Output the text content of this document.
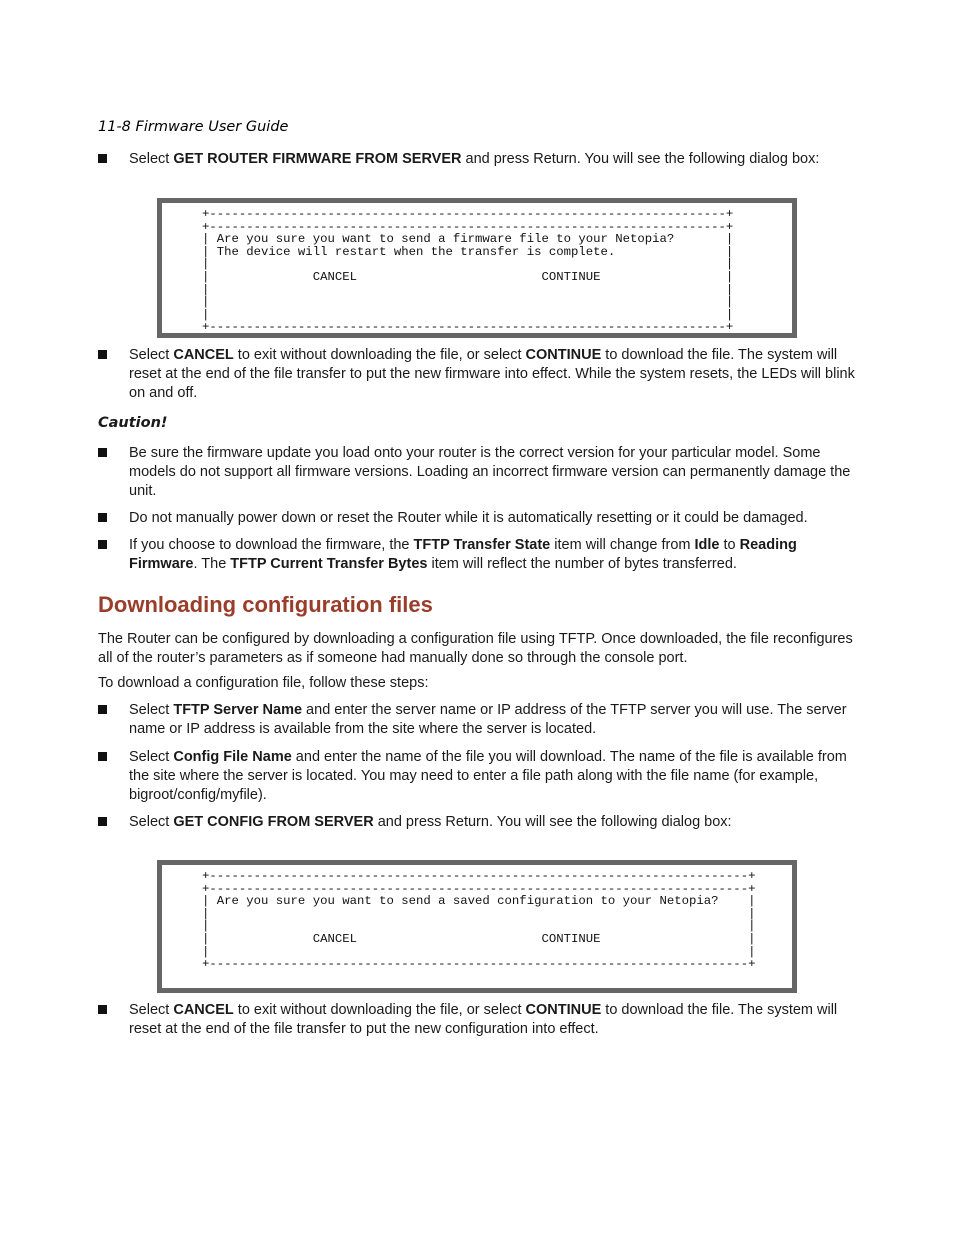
11-8 Firmware User Guide
Select GET ROUTER FIRMWARE FROM SERVER and press Return. You will see the following dialog box:
+----------------------------------------------------------------------+
+----------------------------------------------------------------------+
| Are you sure you want to send a firmware file to your Netopia?       |
| The device will restart when the transfer is complete.               |
|                                                                      |
|              CANCEL                         CONTINUE                 |
|                                                                      |
|                                                                      |
|                                                                      |
+----------------------------------------------------------------------+
Select CANCEL to exit without downloading the file, or select CONTINUE to download the file. The system will reset at the end of the file transfer to put the new firmware into effect. While the system resets, the LEDs will blink on and off.
Caution!
Be sure the firmware update you load onto your router is the correct version for your particular model. Some models do not support all firmware versions. Loading an incorrect firmware version can permanently damage the unit.
Do not manually power down or reset the Router while it is automatically resetting or it could be damaged.
If you choose to download the firmware, the TFTP Transfer State item will change from Idle to Reading Firmware. The TFTP Current Transfer Bytes item will reflect the number of bytes transferred.
Downloading configuration files
The Router can be configured by downloading a configuration file using TFTP. Once downloaded, the file reconfigures all of the router’s parameters as if someone had manually done so through the console port.
To download a configuration file, follow these steps:
Select TFTP Server Name and enter the server name or IP address of the TFTP server you will use. The server name or IP address is available from the site where the server is located.
Select Config File Name and enter the name of the file you will download. The name of the file is available from the site where the server is located. You may need to enter a file path along with the file name (for example, bigroot/config/myfile).
Select GET CONFIG FROM SERVER and press Return. You will see the following dialog box:
+-------------------------------------------------------------------------+
+-------------------------------------------------------------------------+
| Are you sure you want to send a saved configuration to your Netopia?    |
|                                                                         |
|                                                                         |
|              CANCEL                         CONTINUE                    |
|                                                                         |
+-------------------------------------------------------------------------+
Select CANCEL to exit without downloading the file, or select CONTINUE to download the file. The system will reset at the end of the file transfer to put the new configuration into effect.
